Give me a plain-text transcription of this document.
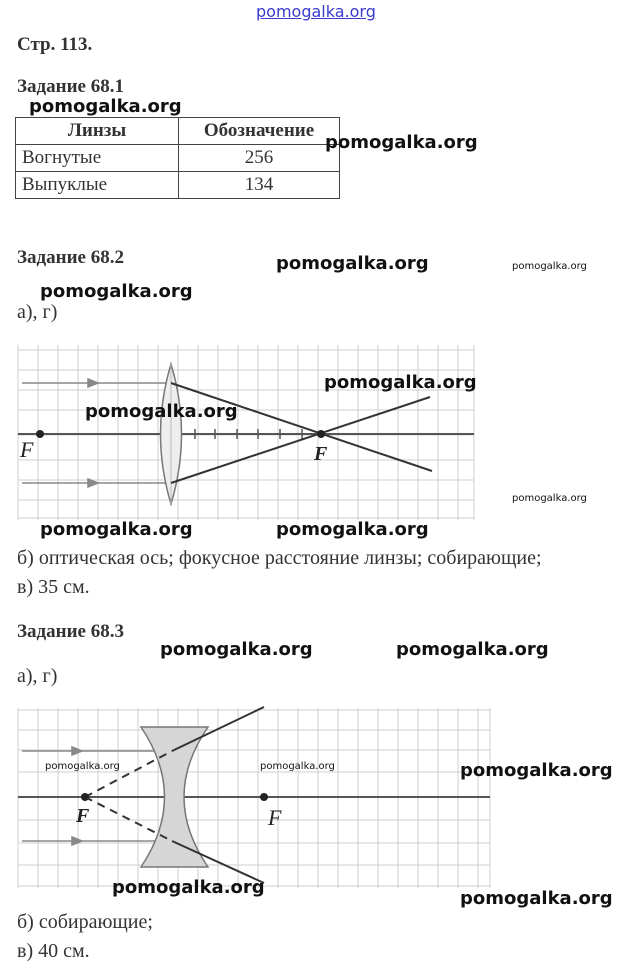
pomogalka.org
Стр. 113.
Задание 68.1
pomogalka.org
Линзы	Обозначение
Вогнутые	256
Выпуклые	134
pomogalka.org
Задание 68.2	pomogalka.org	pomogalka.org
pomogalka.org
а), г)
F	F
pomogalka.org
pomogalka.org
pomogalka.org
pomogalka.org	pomogalka.org
б) оптическая ось; фокусное расстояние линзы; собирающие;
в) 35 см.
Задание 68.3
pomogalka.org	pomogalka.org
а), г)
F	F
pomogalka.org	pomogalka.org	pomogalka.org
pomogalka.org
pomogalka.org
б) собирающие;
в) 40 см.
